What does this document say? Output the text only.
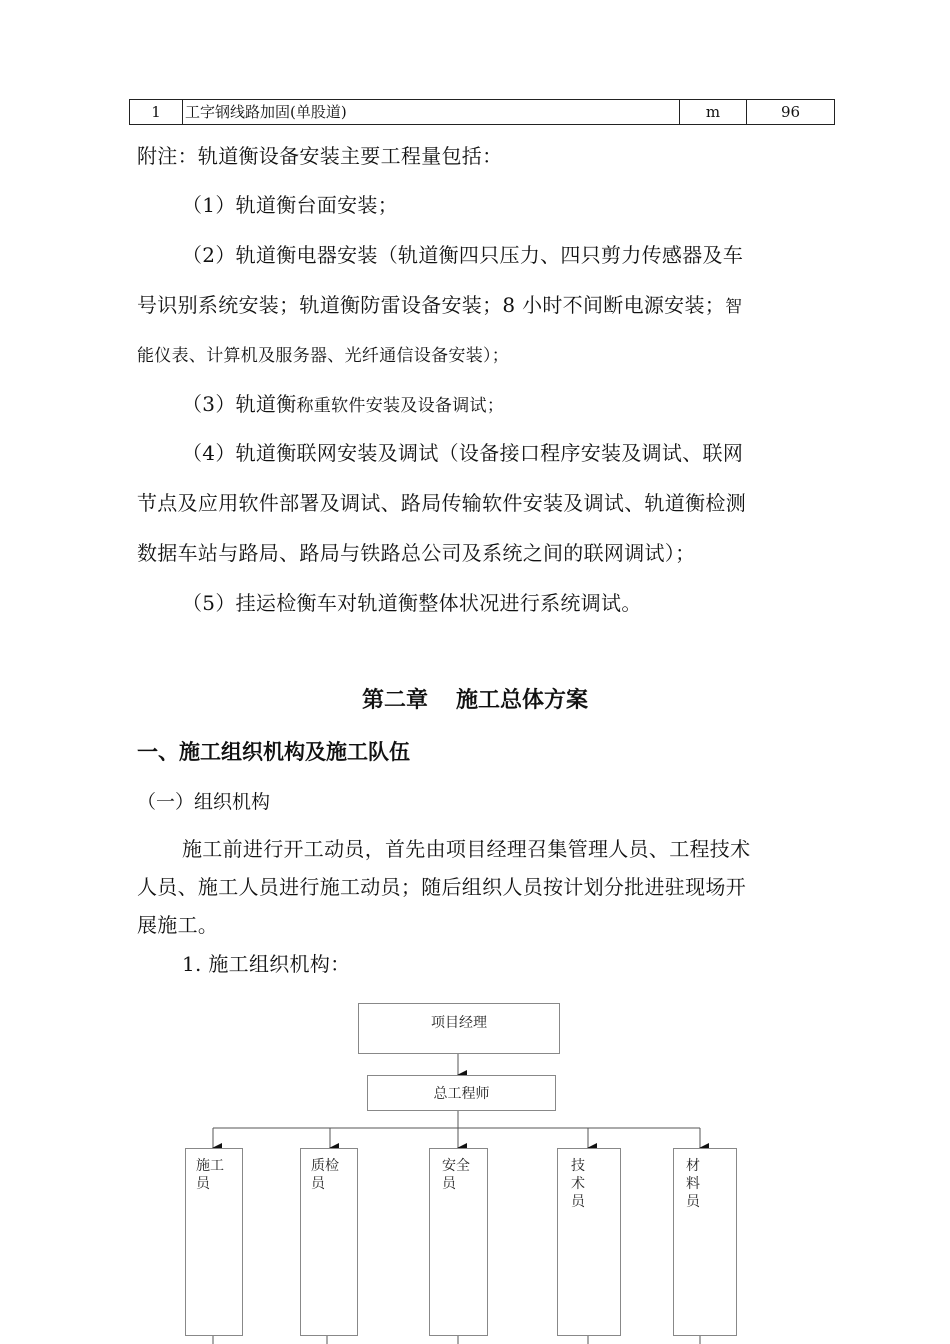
1	工字钢线路加固(单股道)	m	96
附注：轨道衡设备安装主要工程量包括：
（1）轨道衡台面安装；
（2）轨道衡电器安装（轨道衡四只压力、四只剪力传感器及车
号识别系统安装；轨道衡防雷设备安装；8 小时不间断电源安装；智
能仪表、计算机及服务器、光纤通信设备安装）；
（3）轨道衡称重软件安装及设备调试；
（4）轨道衡联网安装及调试（设备接口程序安装及调试、联网
节点及应用软件部署及调试、路局传输软件安装及调试、轨道衡检测
数据车站与路局、路局与铁路总公司及系统之间的联网调试）；
（5）挂运检衡车对轨道衡整体状况进行系统调试。
第二章 施工总体方案
一、施工组织机构及施工队伍
（一）组织机构
施工前进行开工动员，首先由项目经理召集管理人员、工程技术
人员、施工人员进行施工动员；随后组织人员按计划分批进驻现场开
展施工。
1. 施工组织机构：
项目经理
总工程师
施工员
质检员
安全员
技术员
材料员
